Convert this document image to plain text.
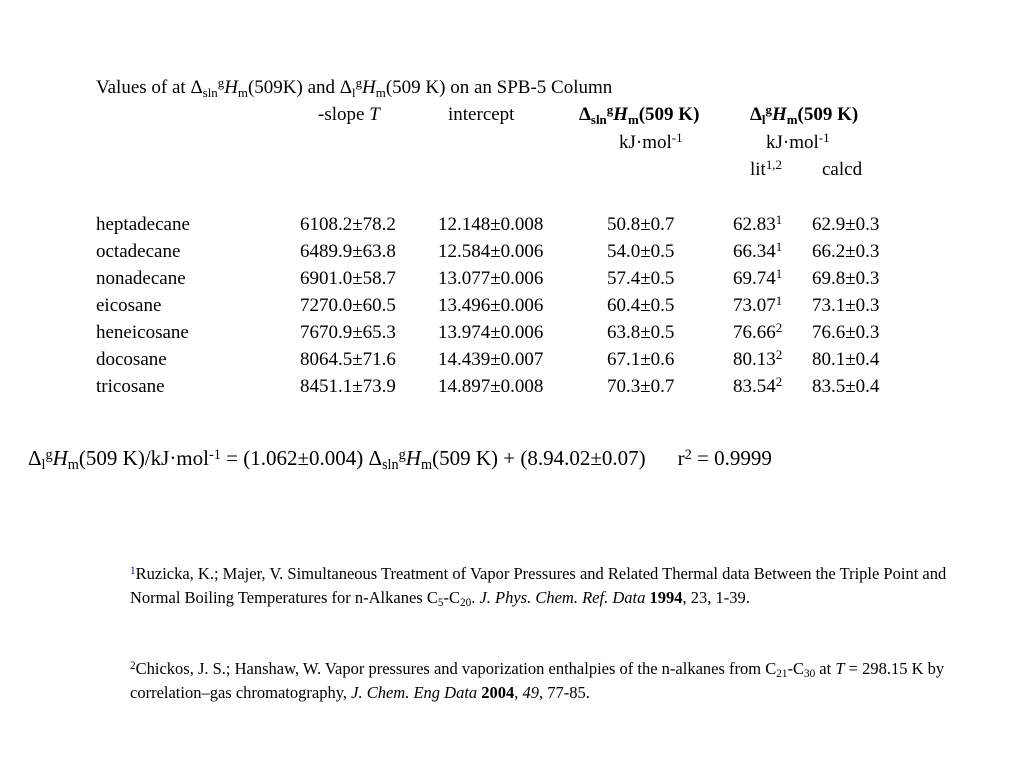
Values of at $\Delta_{sln}^gH_m(509K)$ and $\Delta_l^gH_m(509$ K) on an SPB-5 Column
-slope T	intercept	$\Delta_{sln}^gH_m(509$ K)	$\Delta_l^gH_m(509$ K)
kJ·mol$^{-1}$	kJ·mol$^{-1}$
lit$^{1,2}$ calcd
heptadecane	6108.2±78.2 12.148±0.008	50.8±0.7	62.83$^1$ 62.9±0.3
octadecane	6489.9±63.8 12.584±0.006	54.0±0.5	66.34$^1$ 66.2±0.3
nonadecane	6901.0±58.7 13.077±0.006	57.4±0.5	69.74$^1$ 69.8±0.3
eicosane	7270.0±60.5 13.496±0.006	60.4±0.5	73.07$^1$ 73.1±0.3
heneicosane	7670.9±65.3 13.974±0.006	63.8±0.5	76.66$^2$ 76.6±0.3
docosane	8064.5±71.6 14.439±0.007	67.1±0.6	80.13$^2$ 80.1±0.4
tricosane	8451.1±73.9 14.897±0.008	70.3±0.7	83.54$^2$ 83.5±0.4
$\Delta_l^gH_m(509$ K)/kJ·mol$^{-1}$ = (1.062±0.004) $\Delta_{sln}^gH_m(509$ K) + (8.94.02±0.07) $r^2 = 0.9999$
$^1$Ruzicka, K.; Majer, V. Simultaneous Treatment of Vapor Pressures and Related Thermal data Between the Triple Point and Normal Boiling Temperatures for n-Alkanes $C_5-C_{20}$. J. Phys. Chem. Ref. Data 1994, 23, 1-39.
$^2$Chickos, J. S.; Hanshaw, W. Vapor pressures and vaporization enthalpies of the n-alkanes from $C_{21}-C_{30}$ at T = 298.15 K by correlation–gas chromatography, J. Chem. Eng Data 2004, 49, 77-85.
